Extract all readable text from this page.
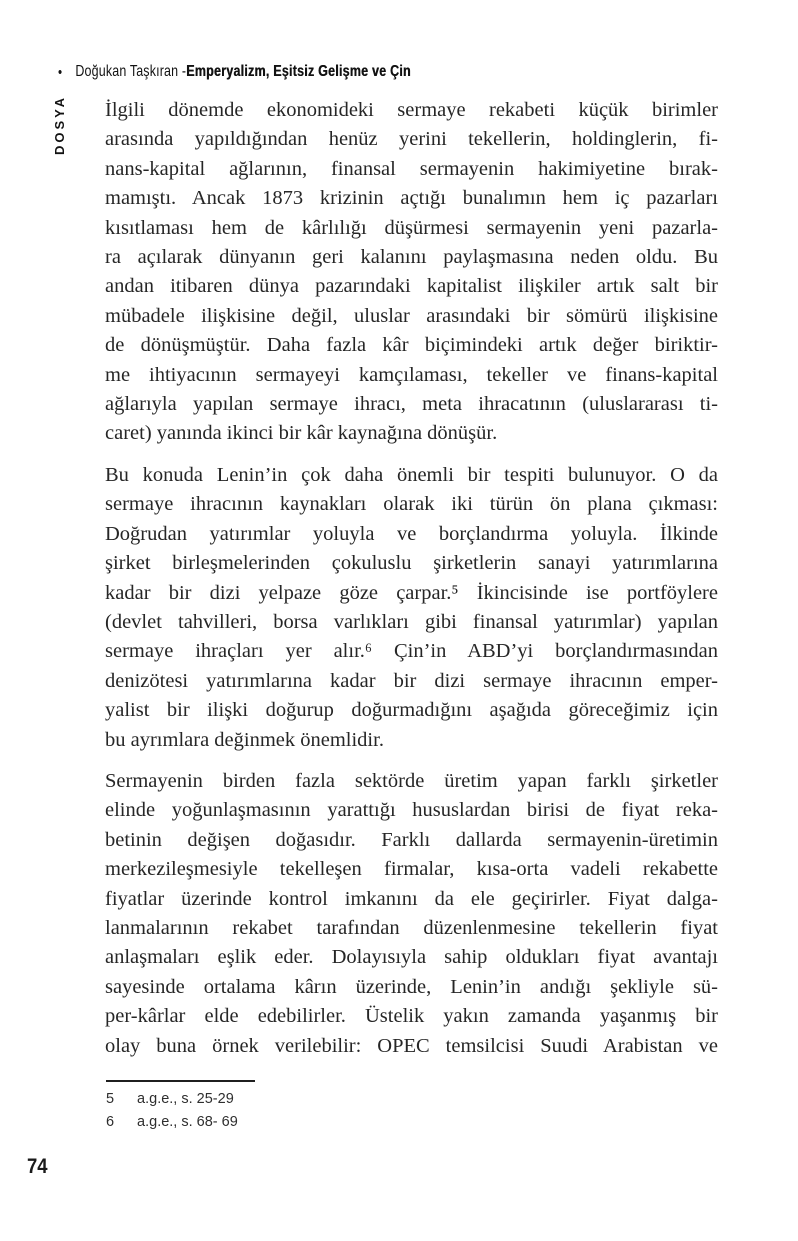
• Doğukan Taşkıran - Emperyalizm, Eşitsiz Gelişme ve Çin
DOSYA İlgili dönemde ekonomideki sermaye rekabeti küçük birimler
arasında yapıldığından henüz yerini tekellerin, holdinglerin, fi-
nans-kapital ağlarının, finansal sermayenin hakimiyetine bırak-
mamıştı. Ancak 1873 krizinin açtığı bunalımın hem iç pazarları
kısıtlaması hem de kârlılığı düşürmesi sermayenin yeni pazarla-
ra açılarak dünyanın geri kalanını paylaşmasına neden oldu. Bu
andan itibaren dünya pazarındaki kapitalist ilişkiler artık salt bir
mübadele ilişkisine değil, uluslar arasındaki bir sömürü ilişkisine
de dönüşmüştür. Daha fazla kâr biçimindeki artık değer biriktir-
me ihtiyacının sermayeyi kamçılaması, tekeller ve finans-kapital
ağlarıyla yapılan sermaye ihracı, meta ihracatının (uluslararası ti-
caret) yanında ikinci bir kâr kaynağına dönüşür.
Bu konuda Lenin’in çok daha önemli bir tespiti bulunuyor. O da
sermaye ihracının kaynakları olarak iki türün ön plana çıkması:
Doğrudan yatırımlar yoluyla ve borçlandırma yoluyla. İlkinde
şirket birleşmelerinden çokuluslu şirketlerin sanayi yatırımlarına
kadar bir dizi yelpaze göze çarpar.⁵ İkincisinde ise portföylere
(devlet tahvilleri, borsa varlıkları gibi finansal yatırımlar) yapılan
sermaye ihraçları yer alır.⁶ Çin’in ABD’yi borçlandırmasından
denizötesi yatırımlarına kadar bir dizi sermaye ihracının emper-
yalist bir ilişki doğurup doğurmadığını aşağıda göreceğimiz için
bu ayrımlara değinmek önemlidir.
Sermayenin birden fazla sektörde üretim yapan farklı şirketler
elinde yoğunlaşmasının yarattığı hususlardan birisi de fiyat reka-
betinin değişen doğasıdır. Farklı dallarda sermayenin-üretimin
merkezileşmesiyle tekelleşen firmalar, kısa-orta vadeli rekabette
fiyatlar üzerinde kontrol imkanını da ele geçirirler. Fiyat dalga-
lanmalarının rekabet tarafından düzenlenmesine tekellerin fiyat
anlaşmaları eşlik eder. Dolayısıyla sahip oldukları fiyat avantajı
sayesinde ortalama kârın üzerinde, Lenin’in andığı şekliyle sü-
per-kârlar elde edebilirler. Üstelik yakın zamanda yaşanmış bir
olay buna örnek verilebilir: OPEC temsilcisi Suudi Arabistan ve
5 a.g.e., s. 25-29
6 a.g.e., s. 68- 69
74
